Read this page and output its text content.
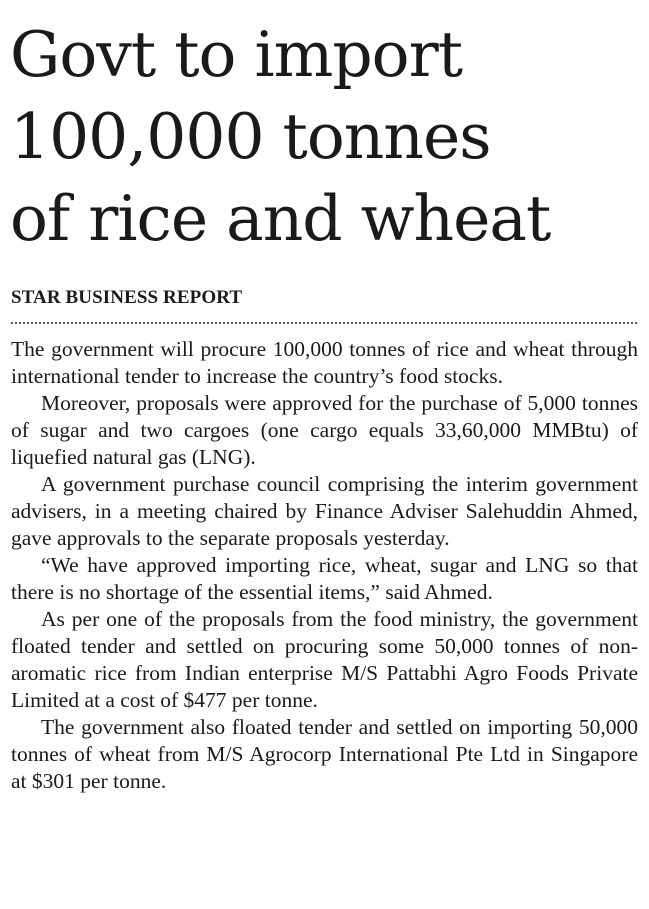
Govt to import
100,000 tonnes
of rice and wheat
STAR BUSINESS REPORT

The government will procure 100,000 tonnes of rice and wheat through international tender to increase the country’s food stocks.

Moreover, proposals were approved for the purchase of 5,000 tonnes of sugar and two cargoes (one cargo equals 33,60,000 MMBtu) of liquefied natural gas (LNG).

A government purchase council comprising the interim government advisers, in a meeting chaired by Finance Adviser Salehuddin Ahmed, gave approvals to the separate proposals yesterday.

“We have approved importing rice, wheat, sugar and LNG so that there is no shortage of the essential items,” said Ahmed.

As per one of the proposals from the food ministry, the government floated tender and settled on procuring some 50,000 tonnes of non-aromatic rice from Indian enterprise M/S Pattabhi Agro Foods Private Limited at a cost of $477 per tonne.

The government also floated tender and settled on importing 50,000 tonnes of wheat from M/S Agrocorp International Pte Ltd in Singapore at $301 per tonne.
